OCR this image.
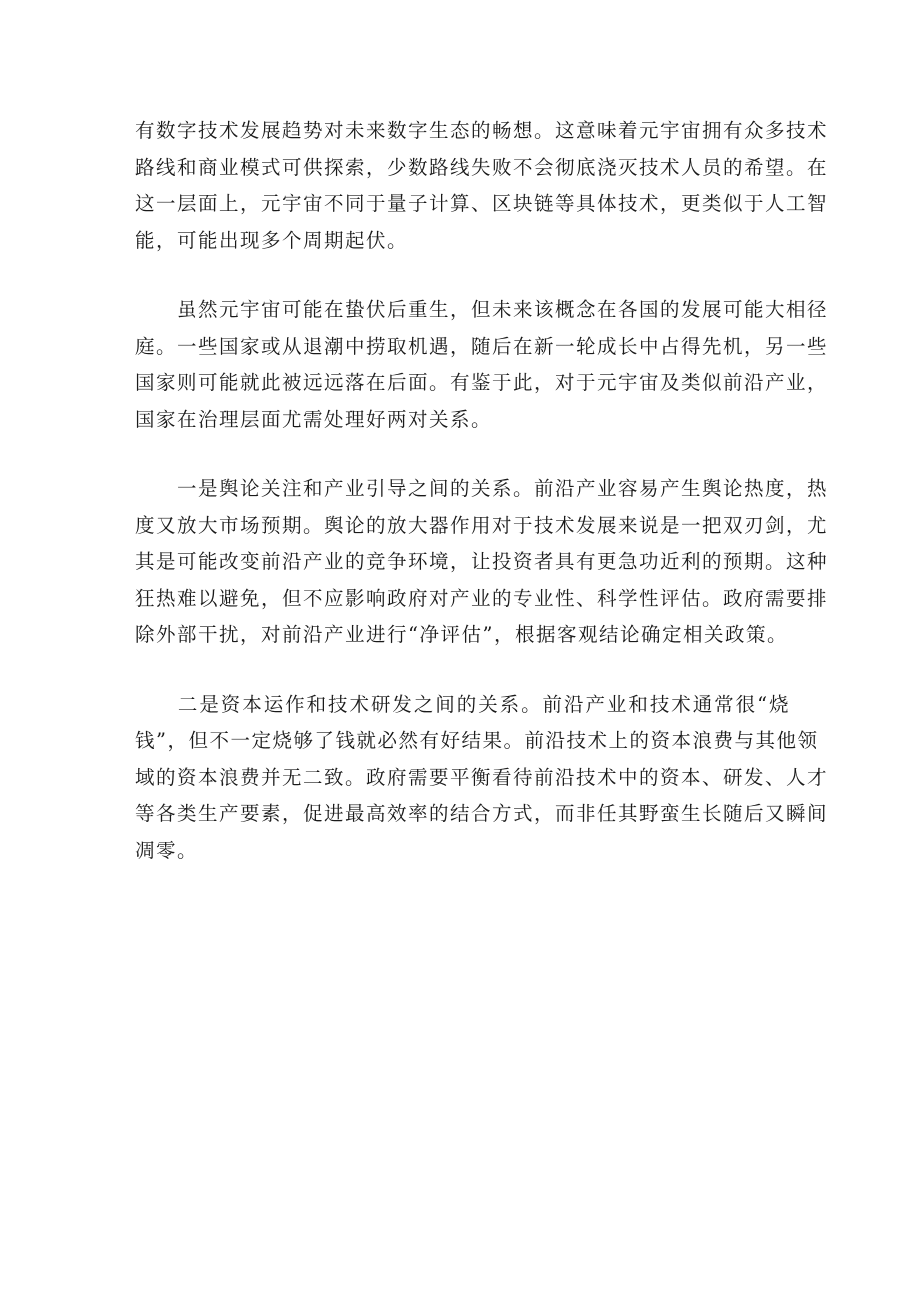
有数字技术发展趋势对未来数字生态的畅想。这意味着元宇宙拥有众多技术
路线和商业模式可供探索，少数路线失败不会彻底浇灭技术人员的希望。在
这一层面上，元宇宙不同于量子计算、区块链等具体技术，更类似于人工智
能，可能出现多个周期起伏。

　　虽然元宇宙可能在蛰伏后重生，但未来该概念在各国的发展可能大相径
庭。一些国家或从退潮中捞取机遇，随后在新一轮成长中占得先机，另一些
国家则可能就此被远远落在后面。有鉴于此，对于元宇宙及类似前沿产业，
国家在治理层面尤需处理好两对关系。

　　一是舆论关注和产业引导之间的关系。前沿产业容易产生舆论热度，热
度又放大市场预期。舆论的放大器作用对于技术发展来说是一把双刃剑，尤
其是可能改变前沿产业的竞争环境，让投资者具有更急功近利的预期。这种
狂热难以避免，但不应影响政府对产业的专业性、科学性评估。政府需要排
除外部干扰，对前沿产业进行“净评估”，根据客观结论确定相关政策。

　　二是资本运作和技术研发之间的关系。前沿产业和技术通常很“烧
钱”，但不一定烧够了钱就必然有好结果。前沿技术上的资本浪费与其他领
域的资本浪费并无二致。政府需要平衡看待前沿技术中的资本、研发、人才
等各类生产要素，促进最高效率的结合方式，而非任其野蛮生长随后又瞬间
凋零。
